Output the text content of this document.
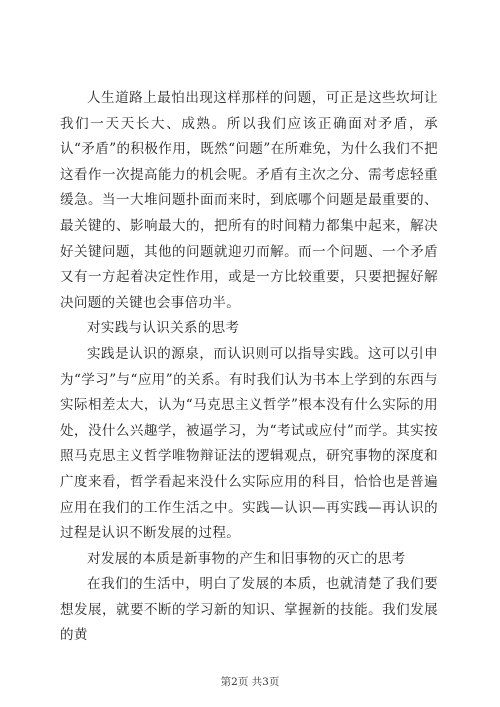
人生道路上最怕出现这样那样的问题，可正是这些坎坷让我们一天天长大、成熟。所以我们应该正确面对矛盾，承认“矛盾”的积极作用，既然“问题”在所难免，为什么我们不把这看作一次提高能力的机会呢。矛盾有主次之分、需考虑轻重缓急。当一大堆问题扑面而来时，到底哪个问题是最重要的、最关键的、影响最大的，把所有的时间精力都集中起来，解决好关键问题，其他的问题就迎刃而解。而一个问题、一个矛盾又有一方起着决定性作用，或是一方比较重要，只要把握好解决问题的关键也会事倍功半。

对实践与认识关系的思考

实践是认识的源泉，而认识则可以指导实践。这可以引申为“学习”与“应用”的关系。有时我们认为书本上学到的东西与实际相差太大，认为“马克思主义哲学”根本没有什么实际的用处，没什么兴趣学，被逼学习，为“考试或应付”而学。其实按照马克思主义哲学唯物辩证法的逻辑观点，研究事物的深度和广度来看，哲学看起来没什么实际应用的科目，恰恰也是普遍应用在我们的工作生活之中。实践—认识—再实践—再认识的过程是认识不断发展的过程。

对发展的本质是新事物的产生和旧事物的灭亡的思考

在我们的生活中，明白了发展的本质，也就清楚了我们要想发展，就要不断的学习新的知识、掌握新的技能。我们发展的黄

第2页 共3页
